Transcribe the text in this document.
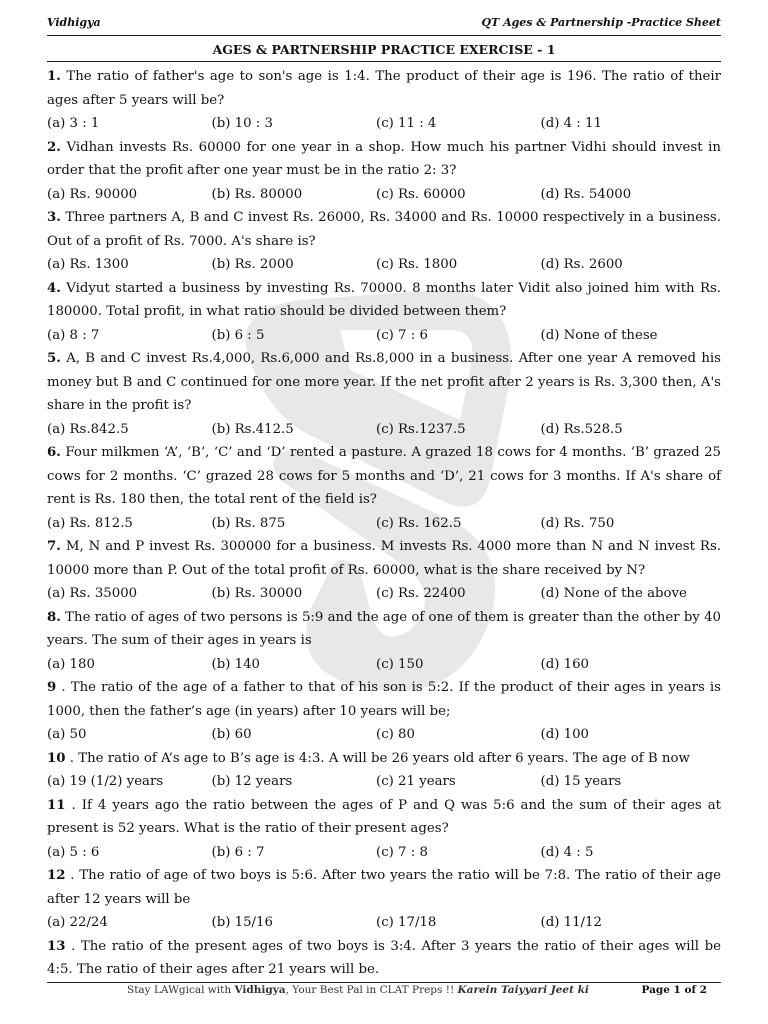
Vidhigya	QT Ages & Partnership -Practice Sheet
AGES & PARTNERSHIP PRACTICE EXERCISE - 1
1. The ratio of father's age to son's age is 1:4. The product of their age is 196. The ratio of their ages after 5 years will be?
(a) 3 : 1	(b) 10 : 3	(c) 11 : 4	(d) 4 : 11
2. Vidhan invests Rs. 60000 for one year in a shop. How much his partner Vidhi should invest in order that the profit after one year must be in the ratio 2: 3?
(a) Rs. 90000	(b) Rs. 80000	(c) Rs. 60000	(d) Rs. 54000
3. Three partners A, B and C invest Rs. 26000, Rs. 34000 and Rs. 10000 respectively in a business. Out of a profit of Rs. 7000. A's share is?
(a) Rs. 1300	(b) Rs. 2000	(c) Rs. 1800	(d) Rs. 2600
4. Vidyut started a business by investing Rs. 70000. 8 months later Vidit also joined him with Rs. 180000. Total profit, in what ratio should be divided between them?
(a) 8 : 7	(b) 6 : 5	(c) 7 : 6	(d) None of these
5. A, B and C invest Rs.4,000, Rs.6,000 and Rs.8,000 in a business. After one year A removed his money but B and C continued for one more year. If the net profit after 2 years is Rs. 3,300 then, A's share in the profit is?
(a) Rs.842.5	(b) Rs.412.5	(c) Rs.1237.5	(d) Rs.528.5
6. Four milkmen ‘A’, ‘B’, ‘C’ and ‘D’ rented a pasture. A grazed 18 cows for 4 months. ‘B’ grazed 25 cows for 2 months. ‘C’ grazed 28 cows for 5 months and ‘D’, 21 cows for 3 months. If A's share of rent is Rs. 180 then, the total rent of the field is?
(a) Rs. 812.5	(b) Rs. 875	(c) Rs. 162.5	(d) Rs. 750
7. M, N and P invest Rs. 300000 for a business. M invests Rs. 4000 more than N and N invest Rs. 10000 more than P. Out of the total profit of Rs. 60000, what is the share received by N?
(a) Rs. 35000	(b) Rs. 30000	(c) Rs. 22400	(d) None of the above
8. The ratio of ages of two persons is 5:9 and the age of one of them is greater than the other by 40 years. The sum of their ages in years is
(a) 180	(b) 140	(c) 150	(d) 160
9 . The ratio of the age of a father to that of his son is 5:2. If the product of their ages in years is 1000, then the father’s age (in years) after 10 years will be;
(a) 50	(b) 60	(c) 80	(d) 100
10 . The ratio of A’s age to B’s age is 4:3. A will be 26 years old after 6 years. The age of B now
(a) 19 (1/2) years	(b) 12 years	(c) 21 years	(d) 15 years
11 . If 4 years ago the ratio between the ages of P and Q was 5:6 and the sum of their ages at present is 52 years. What is the ratio of their present ages?
(a) 5 : 6	(b) 6 : 7	(c) 7 : 8	(d) 4 : 5
12 . The ratio of age of two boys is 5:6. After two years the ratio will be 7:8. The ratio of their age after 12 years will be
(a) 22/24	(b) 15/16	(c) 17/18	(d) 11/12
13 . The ratio of the present ages of two boys is 3:4. After 3 years the ratio of their ages will be 4:5. The ratio of their ages after 21 years will be.
Stay LAWgical with Vidhigya, Your Best Pal in CLAT Preps !! Karein Taiyyari Jeet ki	Page 1 of 2
